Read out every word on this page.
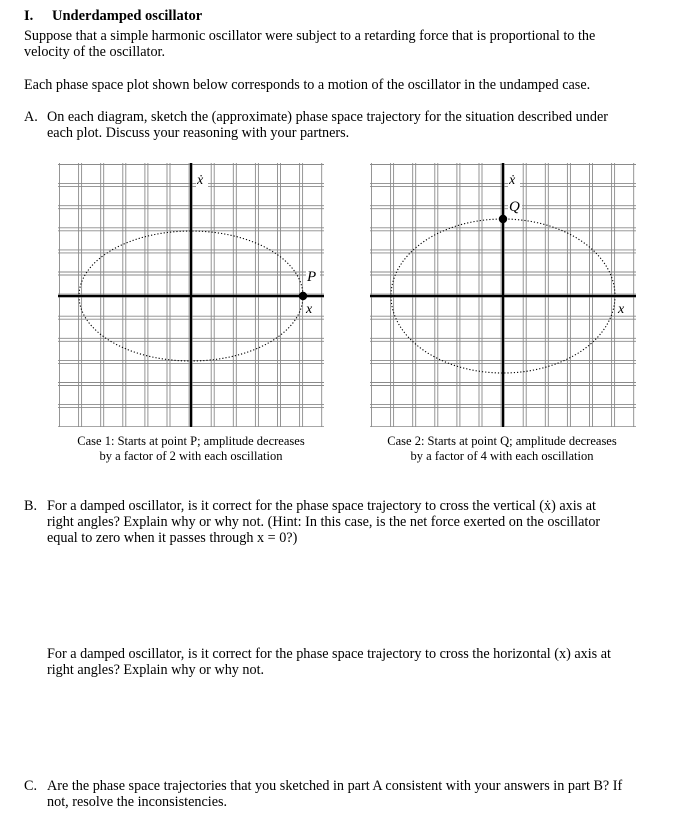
I. Underdamped oscillator
Suppose that a simple harmonic oscillator were subject to a retarding force that is proportional to the
velocity of the oscillator.
Each phase space plot shown below corresponds to a motion of the oscillator in the undamped case.
A. On each diagram, sketch the (approximate) phase space trajectory for the situation described under
each plot. Discuss your reasoning with your partners.
ẋ
x
P
Case 1: Starts at point P; amplitude decreases
by a factor of 2 with each oscillation
ẋ
x
Q
Case 2: Starts at point Q; amplitude decreases
by a factor of 4 with each oscillation
B. For a damped oscillator, is it correct for the phase space trajectory to cross the vertical (ẋ) axis at
right angles? Explain why or why not. (Hint: In this case, is the net force exerted on the oscillator
equal to zero when it passes through x = 0?)
For a damped oscillator, is it correct for the phase space trajectory to cross the horizontal (x) axis at
right angles? Explain why or why not.
C. Are the phase space trajectories that you sketched in part A consistent with your answers in part B? If
not, resolve the inconsistencies.
